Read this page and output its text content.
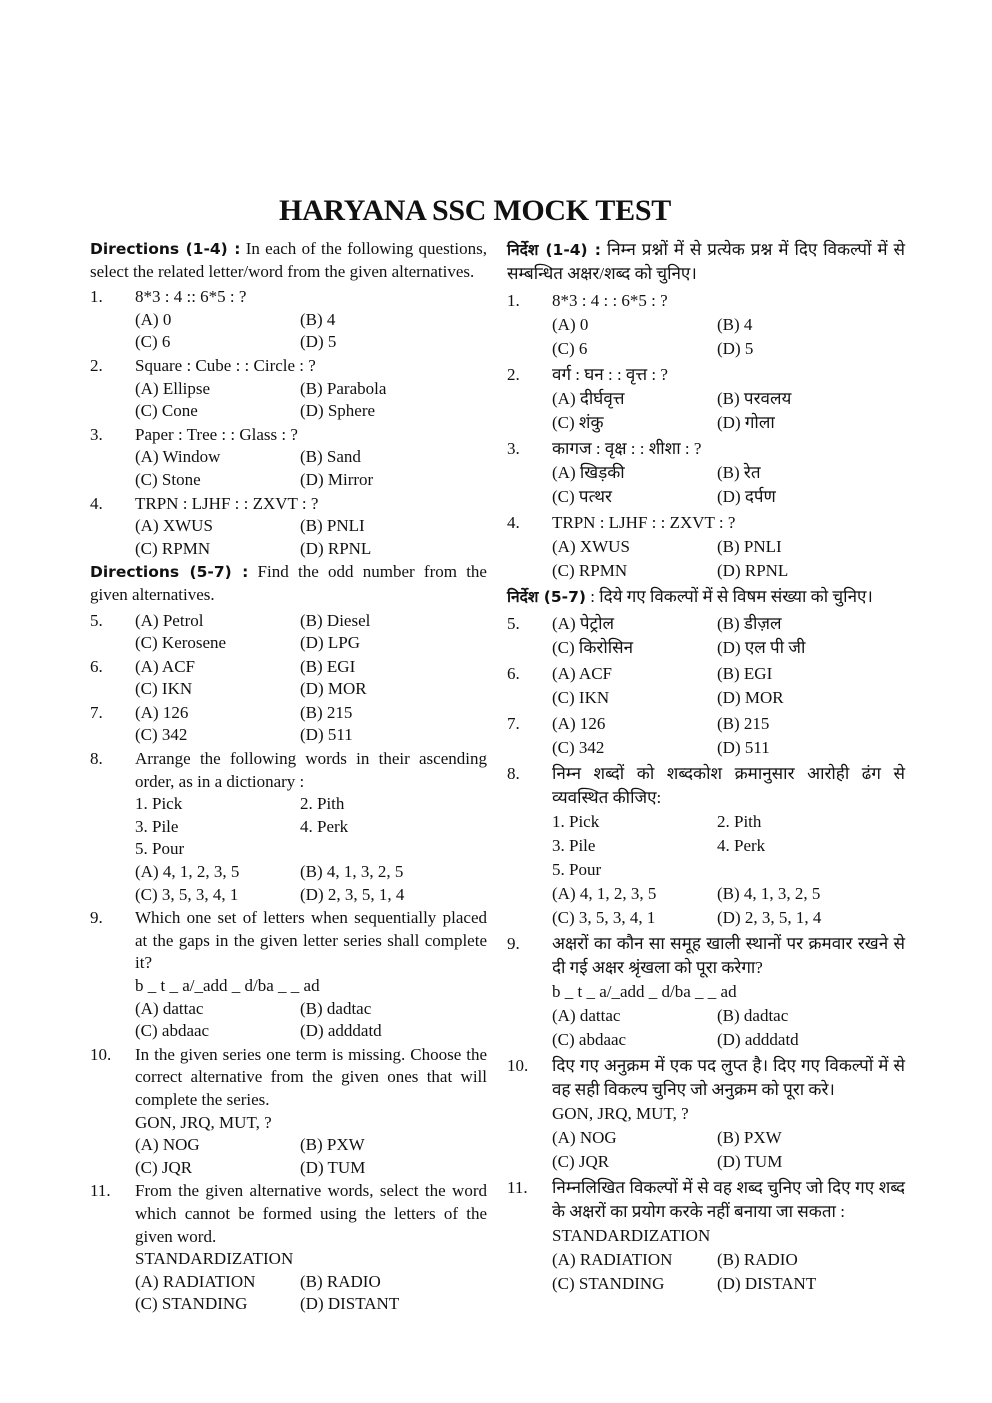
HARYANA SSC MOCK TEST
Directions (1-4) : In each of the following questions, select the related letter/word from the given alternatives.
1. 8*3 : 4 :: 6*5 : ?
(A) 0	(B) 4
(C) 6	(D) 5
2. Square : Cube : : Circle : ?
(A) Ellipse	(B) Parabola
(C) Cone	(D) Sphere
3. Paper : Tree : : Glass : ?
(A) Window	(B) Sand
(C) Stone	(D) Mirror
4. TRPN : LJHF : : ZXVT : ?
(A) XWUS	(B) PNLI
(C) RPMN	(D) RPNL
Directions (5-7) : Find the odd number from the given alternatives.
5. (A) Petrol	(B) Diesel
(C) Kerosene	(D) LPG
6. (A) ACF	(B) EGI
(C) IKN	(D) MOR
7. (A) 126	(B) 215
(C) 342	(D) 511
8. Arrange the following words in their ascending order, as in a dictionary :
1. Pick	2. Pith
3. Pile	4. Perk
5. Pour
(A) 4, 1, 2, 3, 5	(B) 4, 1, 3, 2, 5
(C) 3, 5, 3, 4, 1	(D) 2, 3, 5, 1, 4
9. Which one set of letters when sequentially placed at the gaps in the given letter series shall complete it?
b _ t _ a/_add _ d/ba _ _ ad
(A) dattac	(B) dadtac
(C) abdaac	(D) adddatd
10. In the given series one term is missing. Choose the correct alternative from the given ones that will complete the series.
GON, JRQ, MUT, ?
(A) NOG	(B) PXW
(C) JQR	(D) TUM
11. From the given alternative words, select the word which cannot be formed using the letters of the given word.
STANDARDIZATION
(A) RADIATION	(B) RADIO
(C) STANDING	(D) DISTANT
निर्देश (1-4) : निम्न प्रश्नों में से प्रत्येक प्रश्न में दिए विकल्पों में से सम्बन्धित अक्षर/शब्द को चुनिए।
1. 8*3 : 4 : : 6*5 : ?
(A) 0	(B) 4
(C) 6	(D) 5
2. वर्ग : घन : : वृत्त : ?
(A) दीर्घवृत्त	(B) परवलय
(C) शंकु	(D) गोला
3. कागज : वृक्ष : : शीशा : ?
(A) खिड़की	(B) रेत
(C) पत्थर	(D) दर्पण
4. TRPN : LJHF : : ZXVT : ?
(A) XWUS	(B) PNLI
(C) RPMN	(D) RPNL
निर्देश (5-7) : दिये गए विकल्पों में से विषम संख्या को चुनिए।
5. (A) पेट्रोल	(B) डीज़ल
(C) किरोसिन	(D) एल पी जी
6. (A) ACF	(B) EGI
(C) IKN	(D) MOR
7. (A) 126	(B) 215
(C) 342	(D) 511
8. निम्न शब्दों को शब्दकोश क्रमानुसार आरोही ढंग से व्यवस्थित कीजिए:
1. Pick	2. Pith
3. Pile	4. Perk
5. Pour
(A) 4, 1, 2, 3, 5	(B) 4, 1, 3, 2, 5
(C) 3, 5, 3, 4, 1	(D) 2, 3, 5, 1, 4
9. अक्षरों का कौन सा समूह खाली स्थानों पर क्रमवार रखने से दी गई अक्षर श्रृंखला को पूरा करेगा?
b _ t _ a/_add _ d/ba _ _ ad
(A) dattac	(B) dadtac
(C) abdaac	(D) adddatd
10. दिए गए अनुक्रम में एक पद लुप्त है। दिए गए विकल्पों में से वह सही विकल्प चुनिए जो अनुक्रम को पूरा करे।
GON, JRQ, MUT, ?
(A) NOG	(B) PXW
(C) JQR	(D) TUM
11. निम्नलिखित विकल्पों में से वह शब्द चुनिए जो दिए गए शब्द के अक्षरों का प्रयोग करके नहीं बनाया जा सकता :
STANDARDIZATION
(A) RADIATION	(B) RADIO
(C) STANDING	(D) DISTANT
